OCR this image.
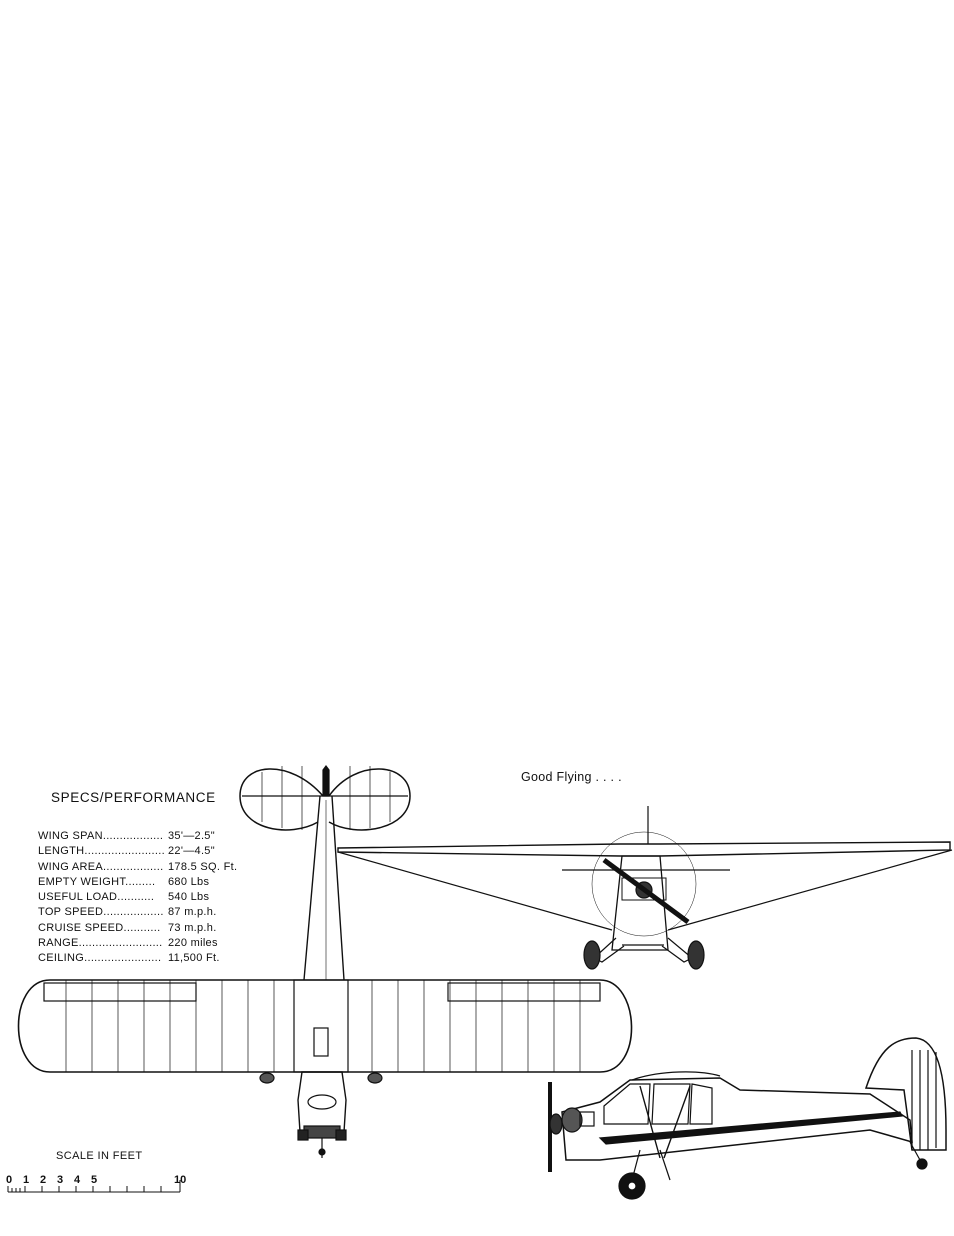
0 1 2 3 4 5	10
Good Flying . . . .
SPECS/PERFORMANCE
WING SPAN.................. 35'—2.5"
LENGTH........................ 22'—4.5"
WING AREA.................. 178.5 SQ. Ft.
EMPTY WEIGHT......... 680 Lbs
USEFUL LOAD........... 540 Lbs
TOP SPEED.................. 87 m.p.h.
CRUISE SPEED........... 73 m.p.h.
RANGE......................... 220 miles
CEILING....................... 11,500 Ft.
SCALE IN FEET
